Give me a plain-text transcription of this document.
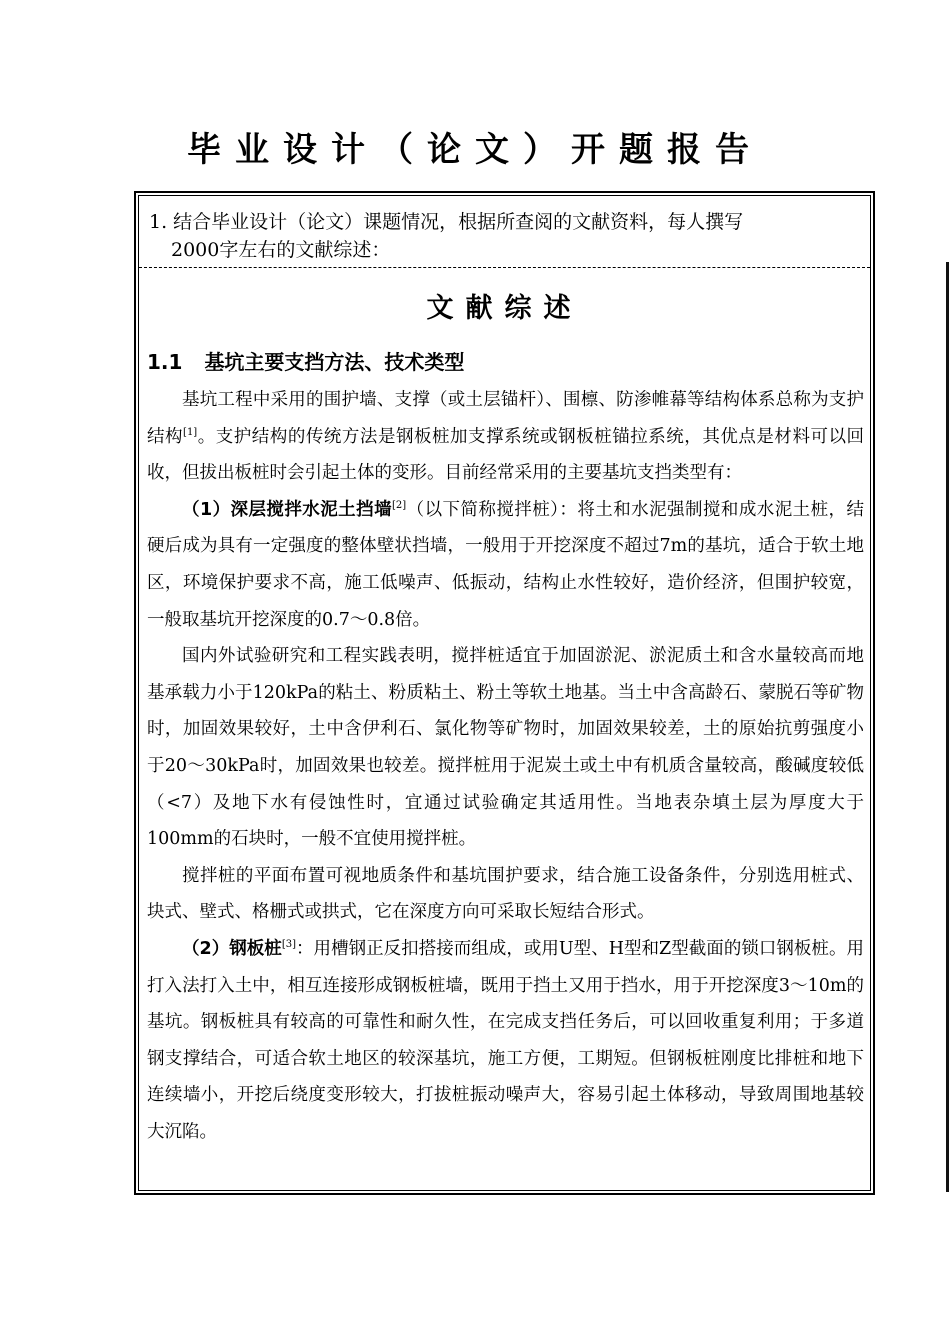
毕业设计（论文）开题报告
1. 结合毕业设计（论文）课题情况，根据所查阅的文献资料，每人撰写
2000字左右的文献综述：
文献综述
1.1 基坑主要支挡方法、技术类型

基坑工程中采用的围护墙、支撑（或土层锚杆）、围檩、防渗帷幕等结构体系总称为支护结构[1]。支护结构的传统方法是钢板桩加支撑系统或钢板桩锚拉系统，其优点是材料可以回收，但拔出板桩时会引起土体的变形。目前经常采用的主要基坑支挡类型有：

（1）深层搅拌水泥土挡墙[2]（以下简称搅拌桩）：将土和水泥强制搅和成水泥土桩，结硬后成为具有一定强度的整体壁状挡墙，一般用于开挖深度不超过7m的基坑，适合于软土地区，环境保护要求不高，施工低噪声、低振动，结构止水性较好，造价经济，但围护较宽，一般取基坑开挖深度的0.7～0.8倍。

国内外试验研究和工程实践表明，搅拌桩适宜于加固淤泥、淤泥质土和含水量较高而地基承载力小于120kPa的粘土、粉质粘土、粉土等软土地基。当土中含高龄石、蒙脱石等矿物时，加固效果较好，土中含伊利石、氯化物等矿物时，加固效果较差，土的原始抗剪强度小于20～30kPa时，加固效果也较差。搅拌桩用于泥炭土或土中有机质含量较高，酸碱度较低（<7）及地下水有侵蚀性时，宜通过试验确定其适用性。当地表杂填土层为厚度大于100mm的石块时，一般不宜使用搅拌桩。

搅拌桩的平面布置可视地质条件和基坑围护要求，结合施工设备条件，分别选用桩式、块式、壁式、格栅式或拱式，它在深度方向可采取长短结合形式。

（2）钢板桩[3]：用槽钢正反扣搭接而组成，或用U型、H型和Z型截面的锁口钢板桩。用打入法打入土中，相互连接形成钢板桩墙，既用于挡土又用于挡水，用于开挖深度3～10m的基坑。钢板桩具有较高的可靠性和耐久性，在完成支挡任务后，可以回收重复利用；于多道钢支撑结合，可适合软土地区的较深基坑，施工方便，工期短。但钢板桩刚度比排桩和地下连续墙小，开挖后绕度变形较大，打拔桩振动噪声大，容易引起土体移动，导致周围地基较大沉陷。
